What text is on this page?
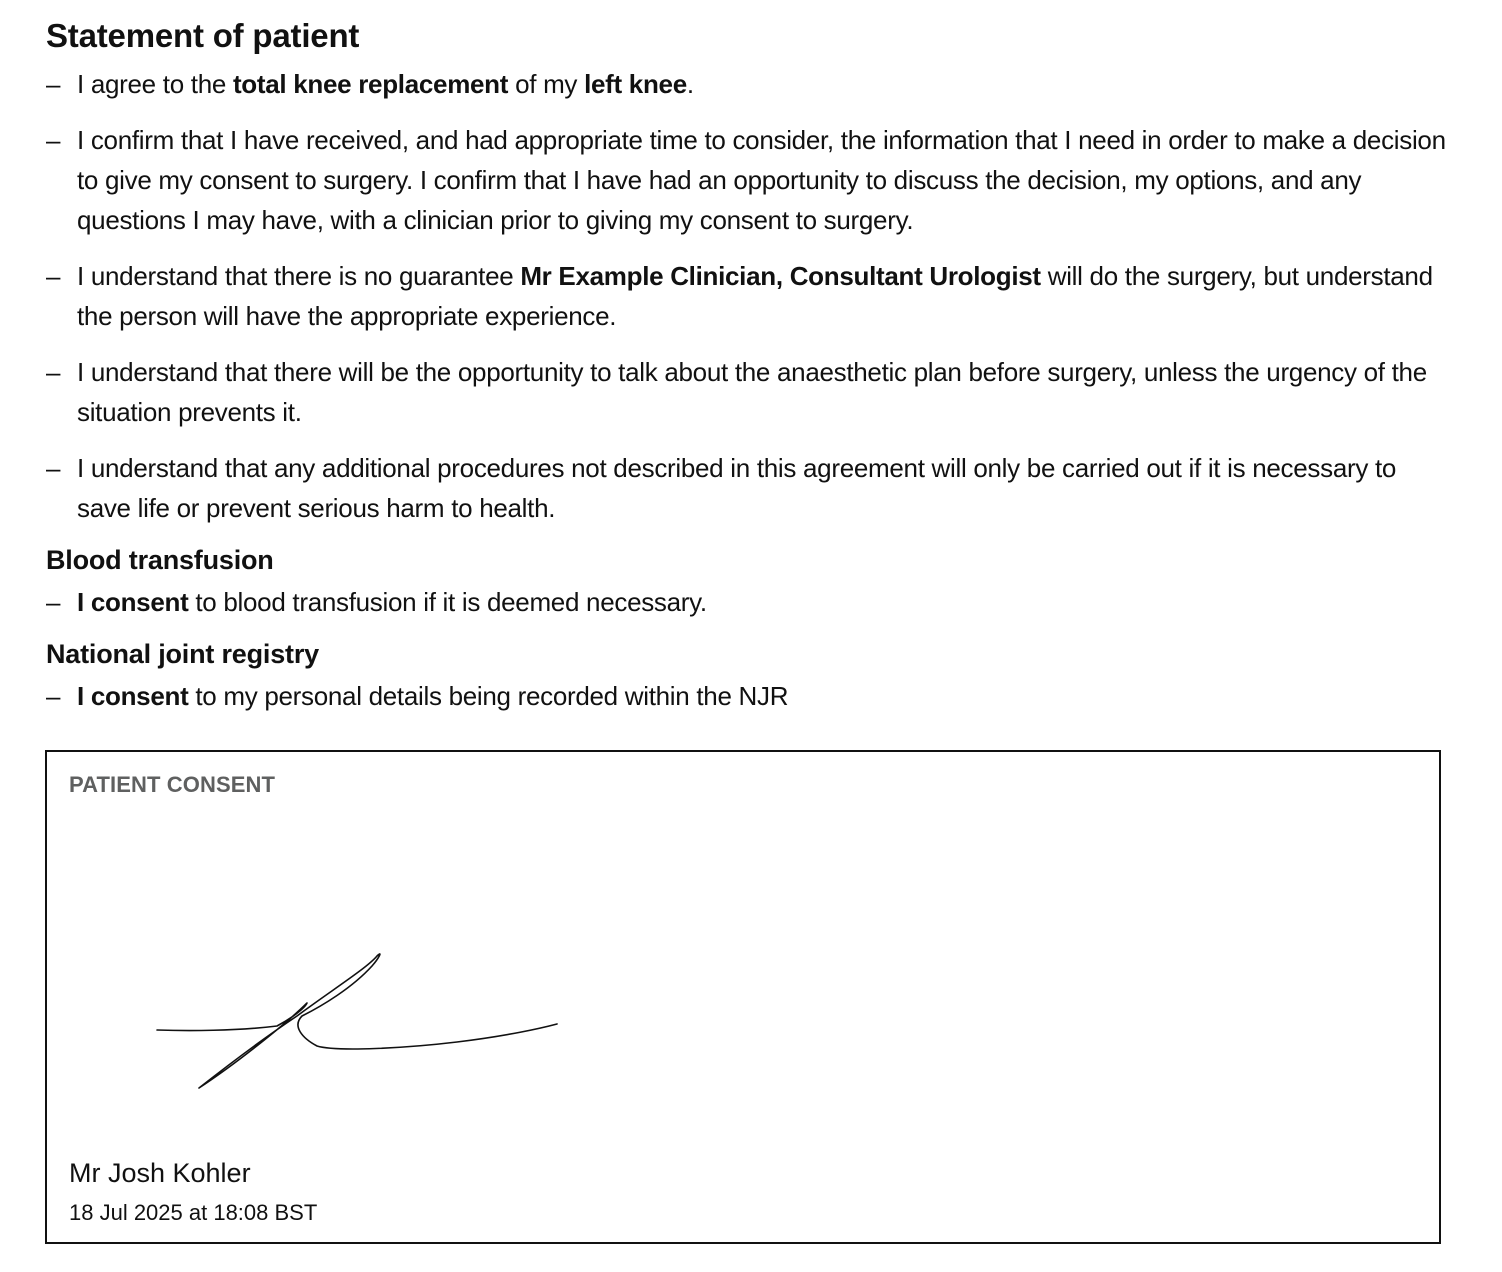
Statement of patient
– I agree to the total knee replacement of my left knee.
– I confirm that I have received, and had appropriate time to consider, the information that I need in order to make a decision to give my consent to surgery. I confirm that I have had an opportunity to discuss the decision, my options, and any questions I may have, with a clinician prior to giving my consent to surgery.
– I understand that there is no guarantee Mr Example Clinician, Consultant Urologist will do the surgery, but understand the person will have the appropriate experience.
– I understand that there will be the opportunity to talk about the anaesthetic plan before surgery, unless the urgency of the situation prevents it.
– I understand that any additional procedures not described in this agreement will only be carried out if it is necessary to save life or prevent serious harm to health.
Blood transfusion
– I consent to blood transfusion if it is deemed necessary.
National joint registry
– I consent to my personal details being recorded within the NJR
PATIENT CONSENT
Mr Josh Kohler
18 Jul 2025 at 18:08 BST
